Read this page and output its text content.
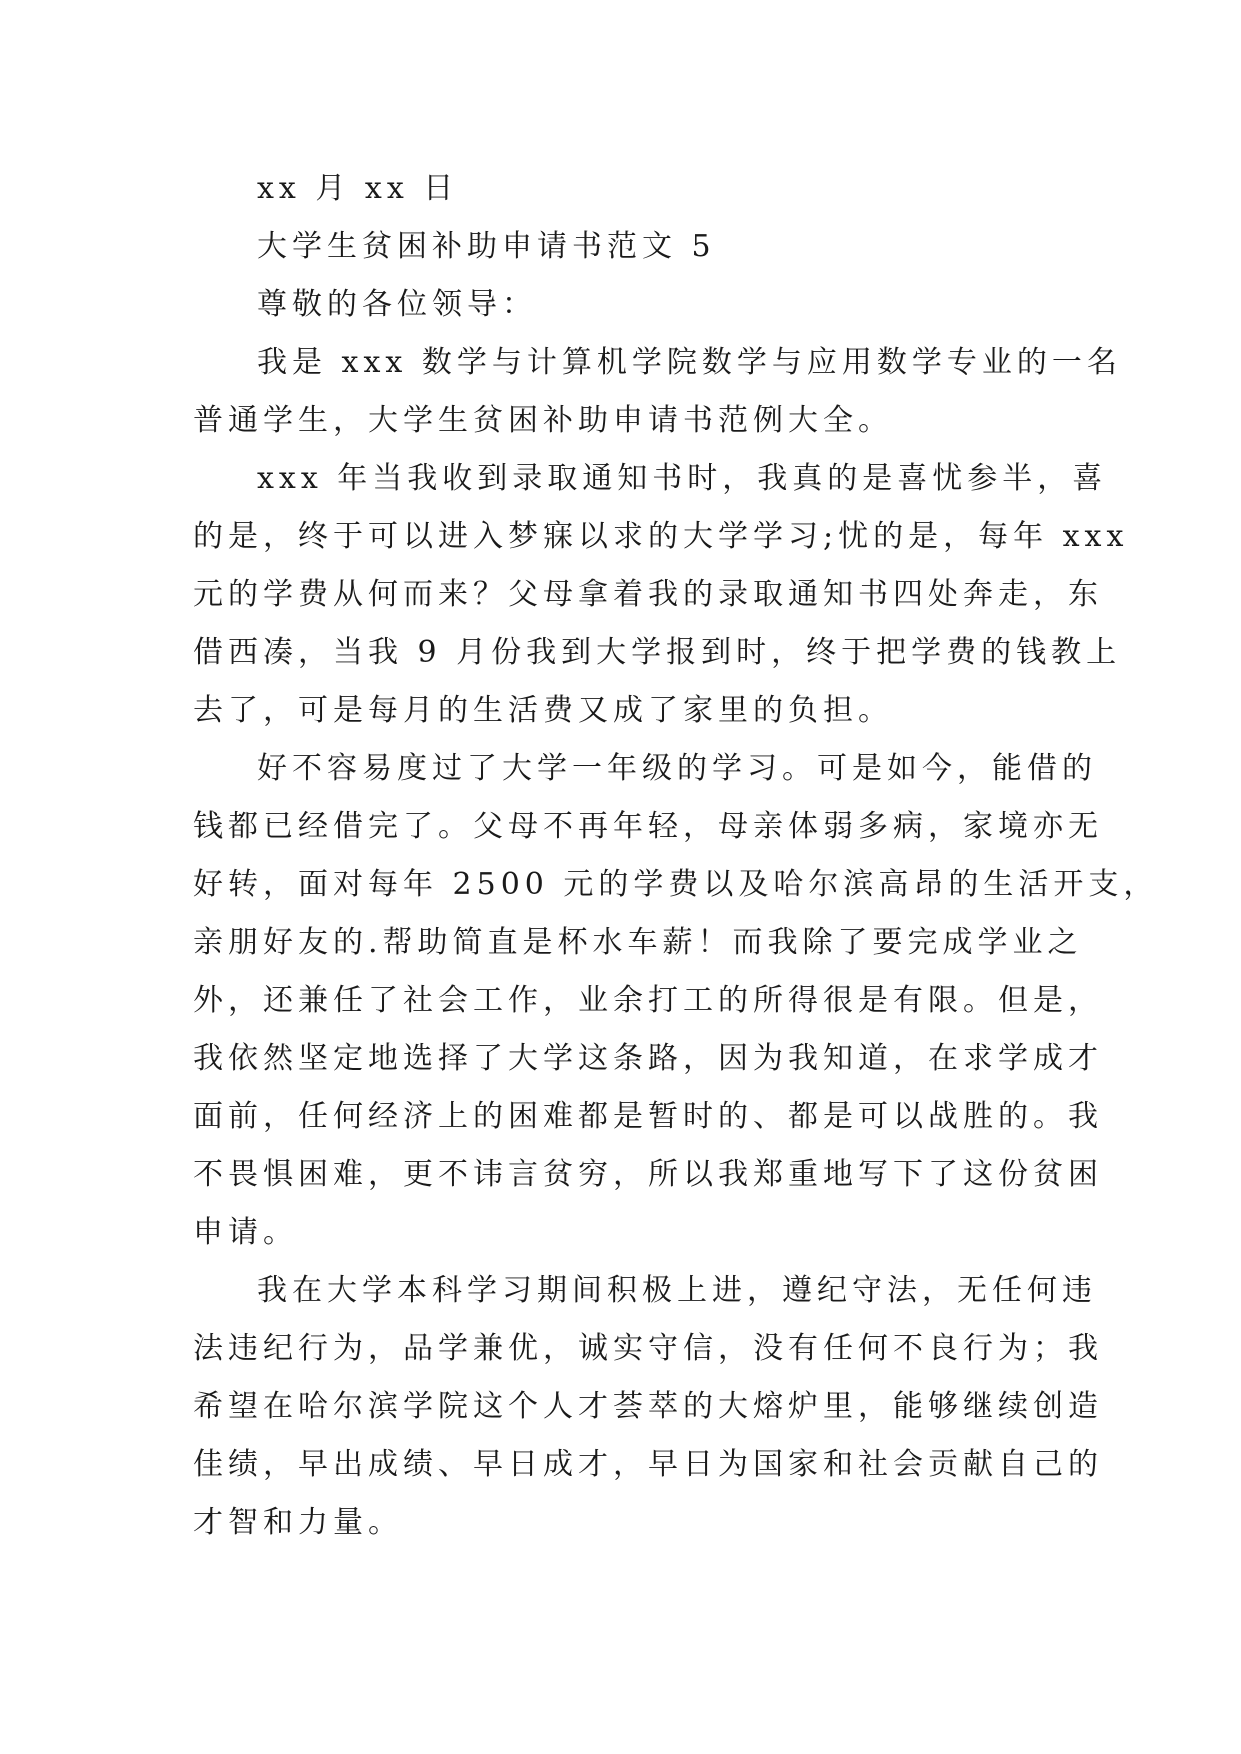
xx 月 xx 日
大学生贫困补助申请书范文 5
尊敬的各位领导：
我是 xxx 数学与计算机学院数学与应用数学专业的一名
普通学生，大学生贫困补助申请书范例大全。
xxx 年当我收到录取通知书时，我真的是喜忧参半，喜
的是，终于可以进入梦寐以求的大学学习;忧的是，每年 xxx
元的学费从何而来？父母拿着我的录取通知书四处奔走，东
借西凑，当我 9 月份我到大学报到时，终于把学费的钱教上
去了，可是每月的生活费又成了家里的负担。
好不容易度过了大学一年级的学习。可是如今，能借的
钱都已经借完了。父母不再年轻，母亲体弱多病，家境亦无
好转，面对每年 2500 元的学费以及哈尔滨高昂的生活开支，
亲朋好友的.帮助简直是杯水车薪！而我除了要完成学业之
外，还兼任了社会工作，业余打工的所得很是有限。但是，
我依然坚定地选择了大学这条路，因为我知道，在求学成才
面前，任何经济上的困难都是暂时的、都是可以战胜的。我
不畏惧困难，更不讳言贫穷，所以我郑重地写下了这份贫困
申请。
我在大学本科学习期间积极上进，遵纪守法，无任何违
法违纪行为，品学兼优，诚实守信，没有任何不良行为；我
希望在哈尔滨学院这个人才荟萃的大熔炉里，能够继续创造
佳绩，早出成绩、早日成才，早日为国家和社会贡献自己的
才智和力量。
